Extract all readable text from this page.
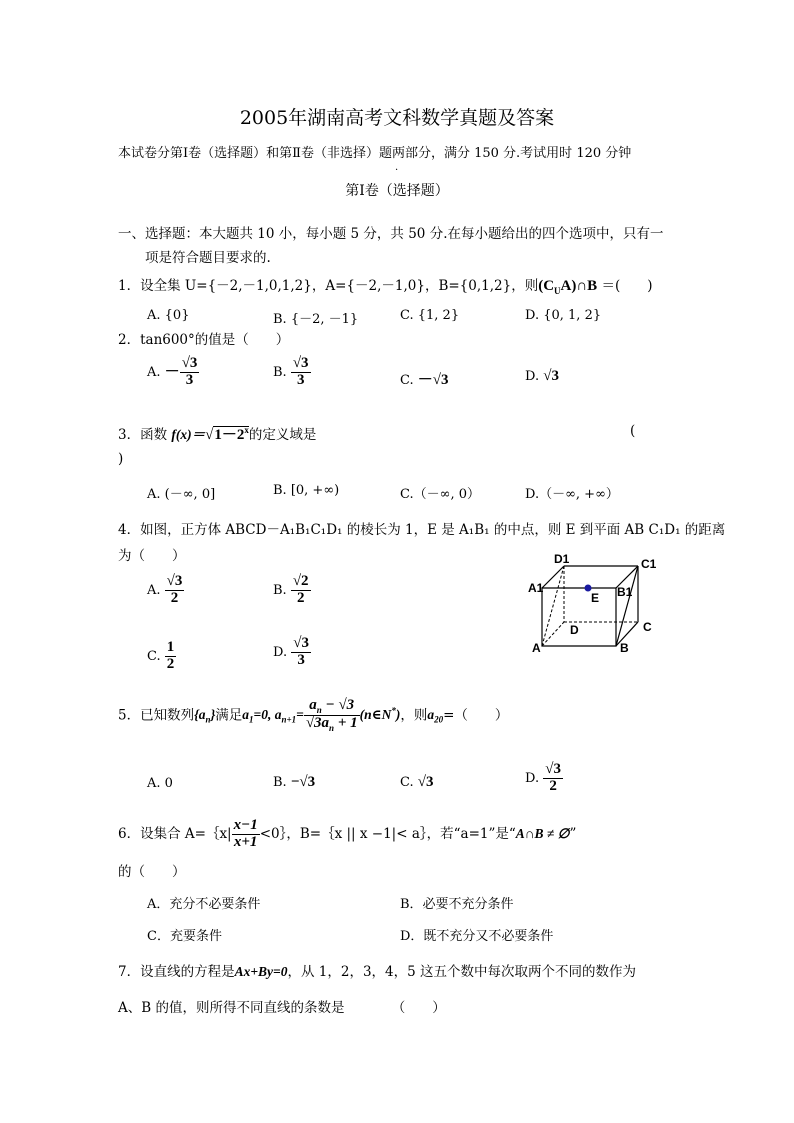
2005年湖南高考文科数学真题及答案
本试卷分第Ⅰ卷（选择题）和第Ⅱ卷（非选择）题两部分，满分 150 分.考试用时 120 分钟
.
第Ⅰ卷（选择题）
一、选择题：本大题共 10 小，每小题 5 分，共 50 分.在每小题给出的四个选项中，只有一
项是符合题目要求的.
1．设全集 U={－2,－1,0,1,2}，A={－2,－1,0}，B={0,1,2}，则$(C_UA)\cap B$ ＝(　　)
A. {0}	B. {－2, －1}	C. {1, 2}	D. {0, 1, 2}
2．tan600°的值是（　　）
A. － $\frac{√3}{3}$	B. $\frac{√3}{3}$	C. －√3	D. √3
3．函数 $f(x)=√1-2^x$的定义域是	(
)
A. (－∞, 0]	B. [0, +∞)	C.（－∞, 0）	D.（－∞, +∞）
4．如图，正方体 ABCD－A₁B₁C₁D₁ 的棱长为 1，E 是 A₁B₁ 的中点，则 E 到平面 AB C₁D₁ 的距离
为（　　）
A. $\frac{√3}{2}$	B. $\frac{√2}{2}$
C. $\frac{1}{2}$	D. $\frac{√3}{3}$
D1	C1
A1	B1
E
D	C
A	B
5．已知数列$\{a_n\}$满足$a_1=0$, $a_{n+1}= \frac{a_n - √3}{√3a_n + 1}$ (n∈N*)，则$a_{20}=$（　　）
A. 0	B. −√3	C. √3	D. $\frac{√3}{2}$
6．设集合 A=｛x| $\frac{x-1}{x+1}$ <0｝，B=｛x || x −1|< a｝，若“a=1”是“A∩B ≠ ∅”
的（　　）
A．充分不必要条件	B．必要不充分条件
C．充要条件	D．既不充分又不必要条件
7．设直线的方程是Ax+By=0，从 1，2，3，4，5 这五个数中每次取两个不同的数作为
A、B 的值，则所得不同直线的条数是　　　　（　　）
